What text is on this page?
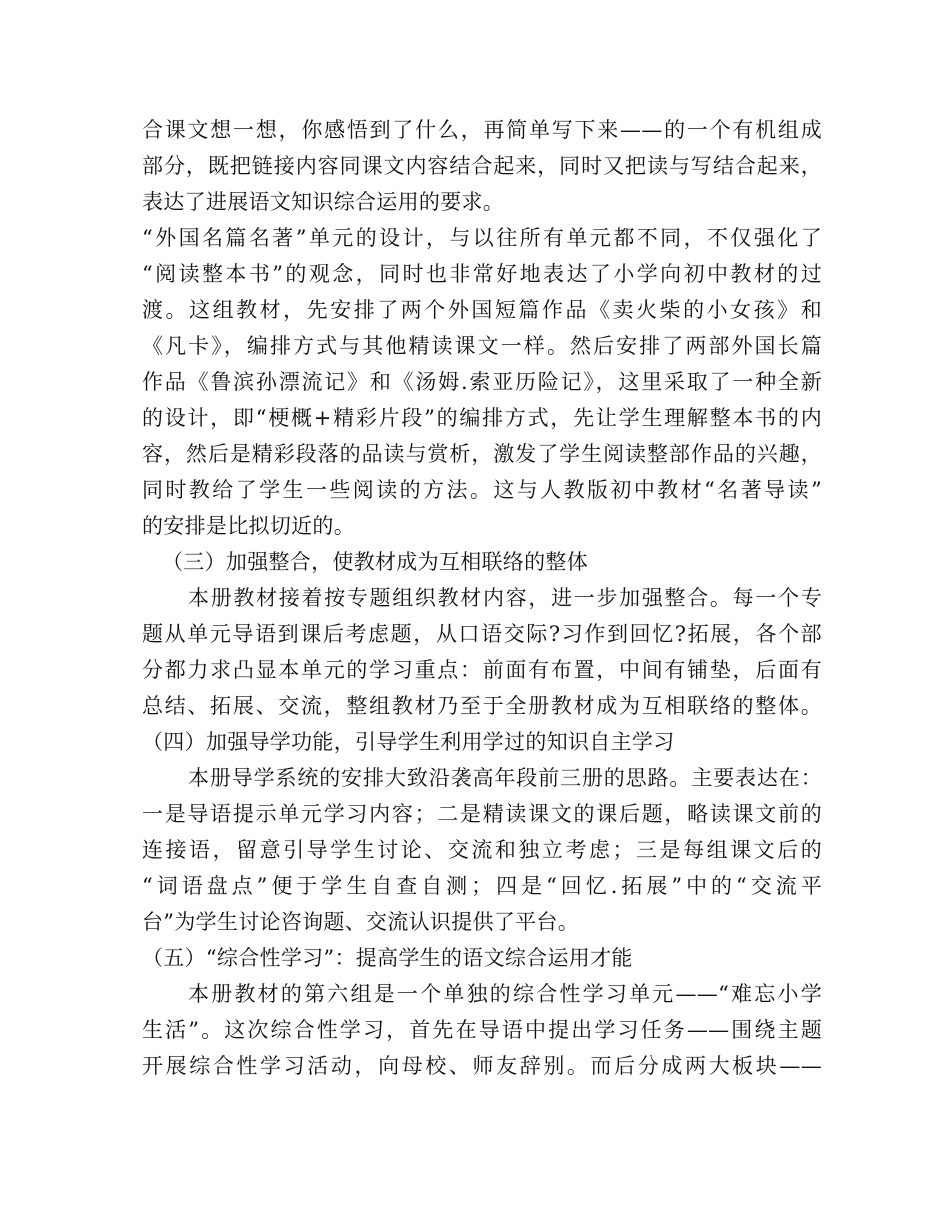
合课文想一想，你感悟到了什么，再简单写下来——的一个有机组成
部分，既把链接内容同课文内容结合起来，同时又把读与写结合起来，
表达了进展语文知识综合运用的要求。
“外国名篇名著”单元的设计，与以往所有单元都不同，不仅强化了
“阅读整本书”的观念，同时也非常好地表达了小学向初中教材的过
渡。这组教材，先安排了两个外国短篇作品《卖火柴的小女孩》和
《凡卡》，编排方式与其他精读课文一样。然后安排了两部外国长篇
作品《鲁滨孙漂流记》和《汤姆.索亚历险记》，这里采取了一种全新
的设计，即“梗概+精彩片段”的编排方式，先让学生理解整本书的内
容，然后是精彩段落的品读与赏析，激发了学生阅读整部作品的兴趣，
同时教给了学生一些阅读的方法。这与人教版初中教材“名著导读”
的安排是比拟切近的。
（三）加强整合，使教材成为互相联络的整体
本册教材接着按专题组织教材内容，进一步加强整合。每一个专
题从单元导语到课后考虑题，从口语交际?习作到回忆?拓展，各个部
分都力求凸显本单元的学习重点：前面有布置，中间有铺垫，后面有
总结、拓展、交流，整组教材乃至于全册教材成为互相联络的整体。
（四）加强导学功能，引导学生利用学过的知识自主学习
本册导学系统的安排大致沿袭高年段前三册的思路。主要表达在：
一是导语提示单元学习内容；二是精读课文的课后题，略读课文前的
连接语，留意引导学生讨论、交流和独立考虑；三是每组课文后的
“词语盘点”便于学生自查自测；四是“回忆.拓展”中的“交流平
台”为学生讨论咨询题、交流认识提供了平台。
（五）“综合性学习”：提高学生的语文综合运用才能
本册教材的第六组是一个单独的综合性学习单元——“难忘小学
生活”。这次综合性学习，首先在导语中提出学习任务——围绕主题
开展综合性学习活动，向母校、师友辞别。而后分成两大板块——
